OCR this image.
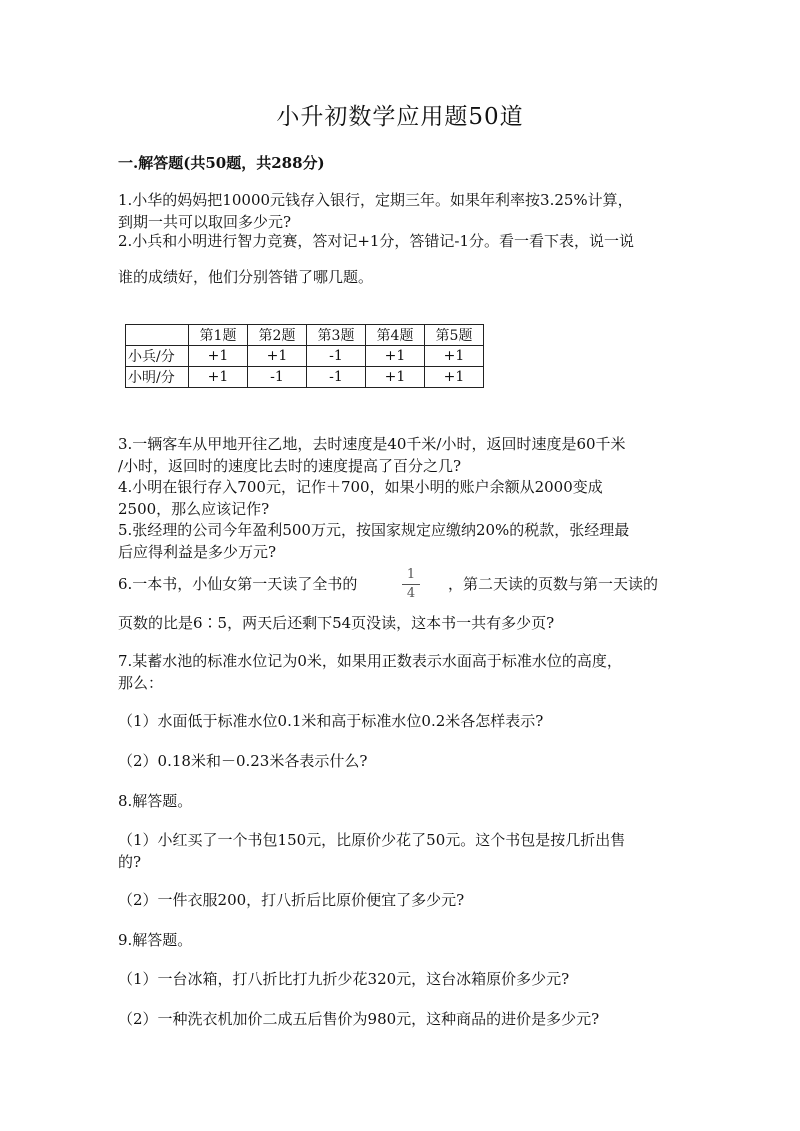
小升初数学应用题50道
一.解答题(共50题，共288分)
1.小华的妈妈把10000元钱存入银行，定期三年。如果年利率按3.25%计算，
到期一共可以取回多少元?
2.小兵和小明进行智力竞赛，答对记+1分，答错记-1分。看一看下表，说一说
谁的成绩好，他们分别答错了哪几题。
	第1题	第2题	第3题	第4题	第5题
小兵/分	+1	+1	-1	+1	+1
小明/分	+1	-1	-1	+1	+1
3.一辆客车从甲地开往乙地，去时速度是40千米/小时，返回时速度是60千米
/小时，返回时的速度比去时的速度提高了百分之几?
4.小明在银行存入700元，记作＋700，如果小明的账户余额从2000变成
2500，那么应该记作?
5.张经理的公司今年盈利500万元，按国家规定应缴纳20%的税款，张经理最
后应得利益是多少万元?
6.一本书，小仙女第一天读了全书的
1
4
，第二天读的页数与第一天读的
页数的比是6∶5，两天后还剩下54页没读，这本书一共有多少页?
7.某蓄水池的标准水位记为0米，如果用正数表示水面高于标准水位的高度，
那么：
（1）水面低于标准水位0.1米和高于标准水位0.2米各怎样表示?
（2）0.18米和－0.23米各表示什么?
8.解答题。
（1）小红买了一个书包150元，比原价少花了50元。这个书包是按几折出售
的?
（2）一件衣服200，打八折后比原价便宜了多少元?
9.解答题。
（1）一台冰箱，打八折比打九折少花320元，这台冰箱原价多少元?
（2）一种洗衣机加价二成五后售价为980元，这种商品的进价是多少元?
